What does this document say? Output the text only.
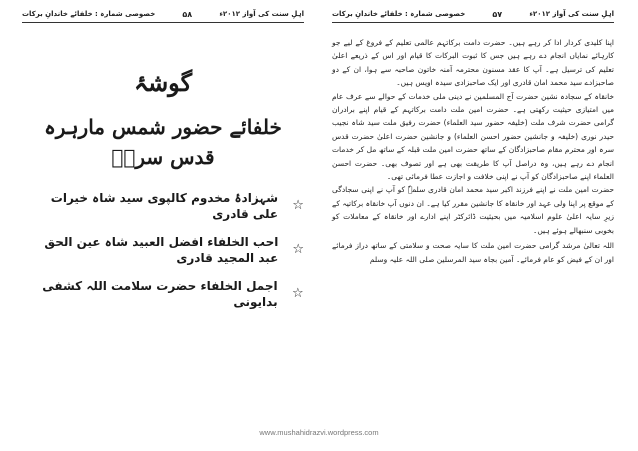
اہلِ سنت کی آواز ۲۰۱۲ء
۵۸
خصوصی شمارہ : خلفائے خاندانِ برکات
گوشۂ
خلفائے حضور شمس مارہرہ قدس سرہٗ
☆
شہزادۂ مخدوم کالپوی سید شاہ خیرات علی قادری
☆
احب الخلفاء افضل العبید شاہ عین الحق عبد المجید قادری
☆
اجمل الخلفاء حضرت سلامت اللہ کشفی بدایونی
اہلِ سنت کی آواز ۲۰۱۲ء
۵۷
خصوصی شمارہ : خلفائے خاندانِ برکات

اپنا کلیدی کردار ادا کر رہے ہیں۔ حضرت دامت برکاتہم عالمی تعلیم کے فروغ کے لیے جو کارہائے نمایاں انجام دے رہے ہیں جس کا ثبوت البرکات کا قیام اور اس کے ذریعے اعلیٰ تعلیم کی ترسیل ہے۔ آپ کا عقد مسنون محترمہ آمنہ خاتون صاحبہ سے ہوا، ان کے دو صاحبزادے سید محمد امان قادری اور ایک صاحبزادی سیدہ اویس ہیں۔

خانقاہ کے سجادہ نشین حضرت آج المسلمین نے دینی ملی خدمات کے حوالے سے عرف عام میں امتیازی حیثیت رکھتی ہے۔ حضرت امین ملت دامت برکاتہم کے قیام اپنے برادران گرامی حضرت شرف ملت (خلیفہ حضور سید العلماء) حضرت رفیق ملت سید شاہ نجیب حیدر نوری (خلیفہ و جانشین حضور احسن العلماء) و جانشین حضرت اعلیٰ حضرت قدس سرہ اور محترم مقام صاحبزادگان کے ساتھ حضرت امین ملت قبلہ کے ساتھ مل کر خدمات انجام دے رہے ہیں، وہ دراصل آپ کا طریقت بھی ہے اور تصوف بھی۔ حضرت احسن العلماء اپنے صاحبزادگان کو آپ نے اپنی خلافت و اجازت عطا فرمائی تھی۔

حضرت امین ملت نے اپنے فرزند اکبر سید محمد امان قادری سلمہٗ کو آپ نے اپنی سجادگی کے موقع پر اپنا ولی عہد اور خانقاہ کا جانشین مقرر کیا ہے۔ ان دنوں آپ خانقاہ برکاتیہ کے زیرِ سایہ اعلیٰ علوم اسلامیہ میں بحیثیت ڈائرکٹر اپنے ادارے اور خانقاہ کے معاملات کو بخوبی سنبھالے ہوئے ہیں۔

اللہ تعالیٰ مرشد گرامی حضرت امین ملت کا سایہ صحت و سلامتی کے ساتھ دراز فرمائے اور ان کے فیض کو عام فرمائے۔ آمین بجاہ سید المرسلین صلی اللہ علیہ وسلم

www.mushahidrazvi.wordpress.com
